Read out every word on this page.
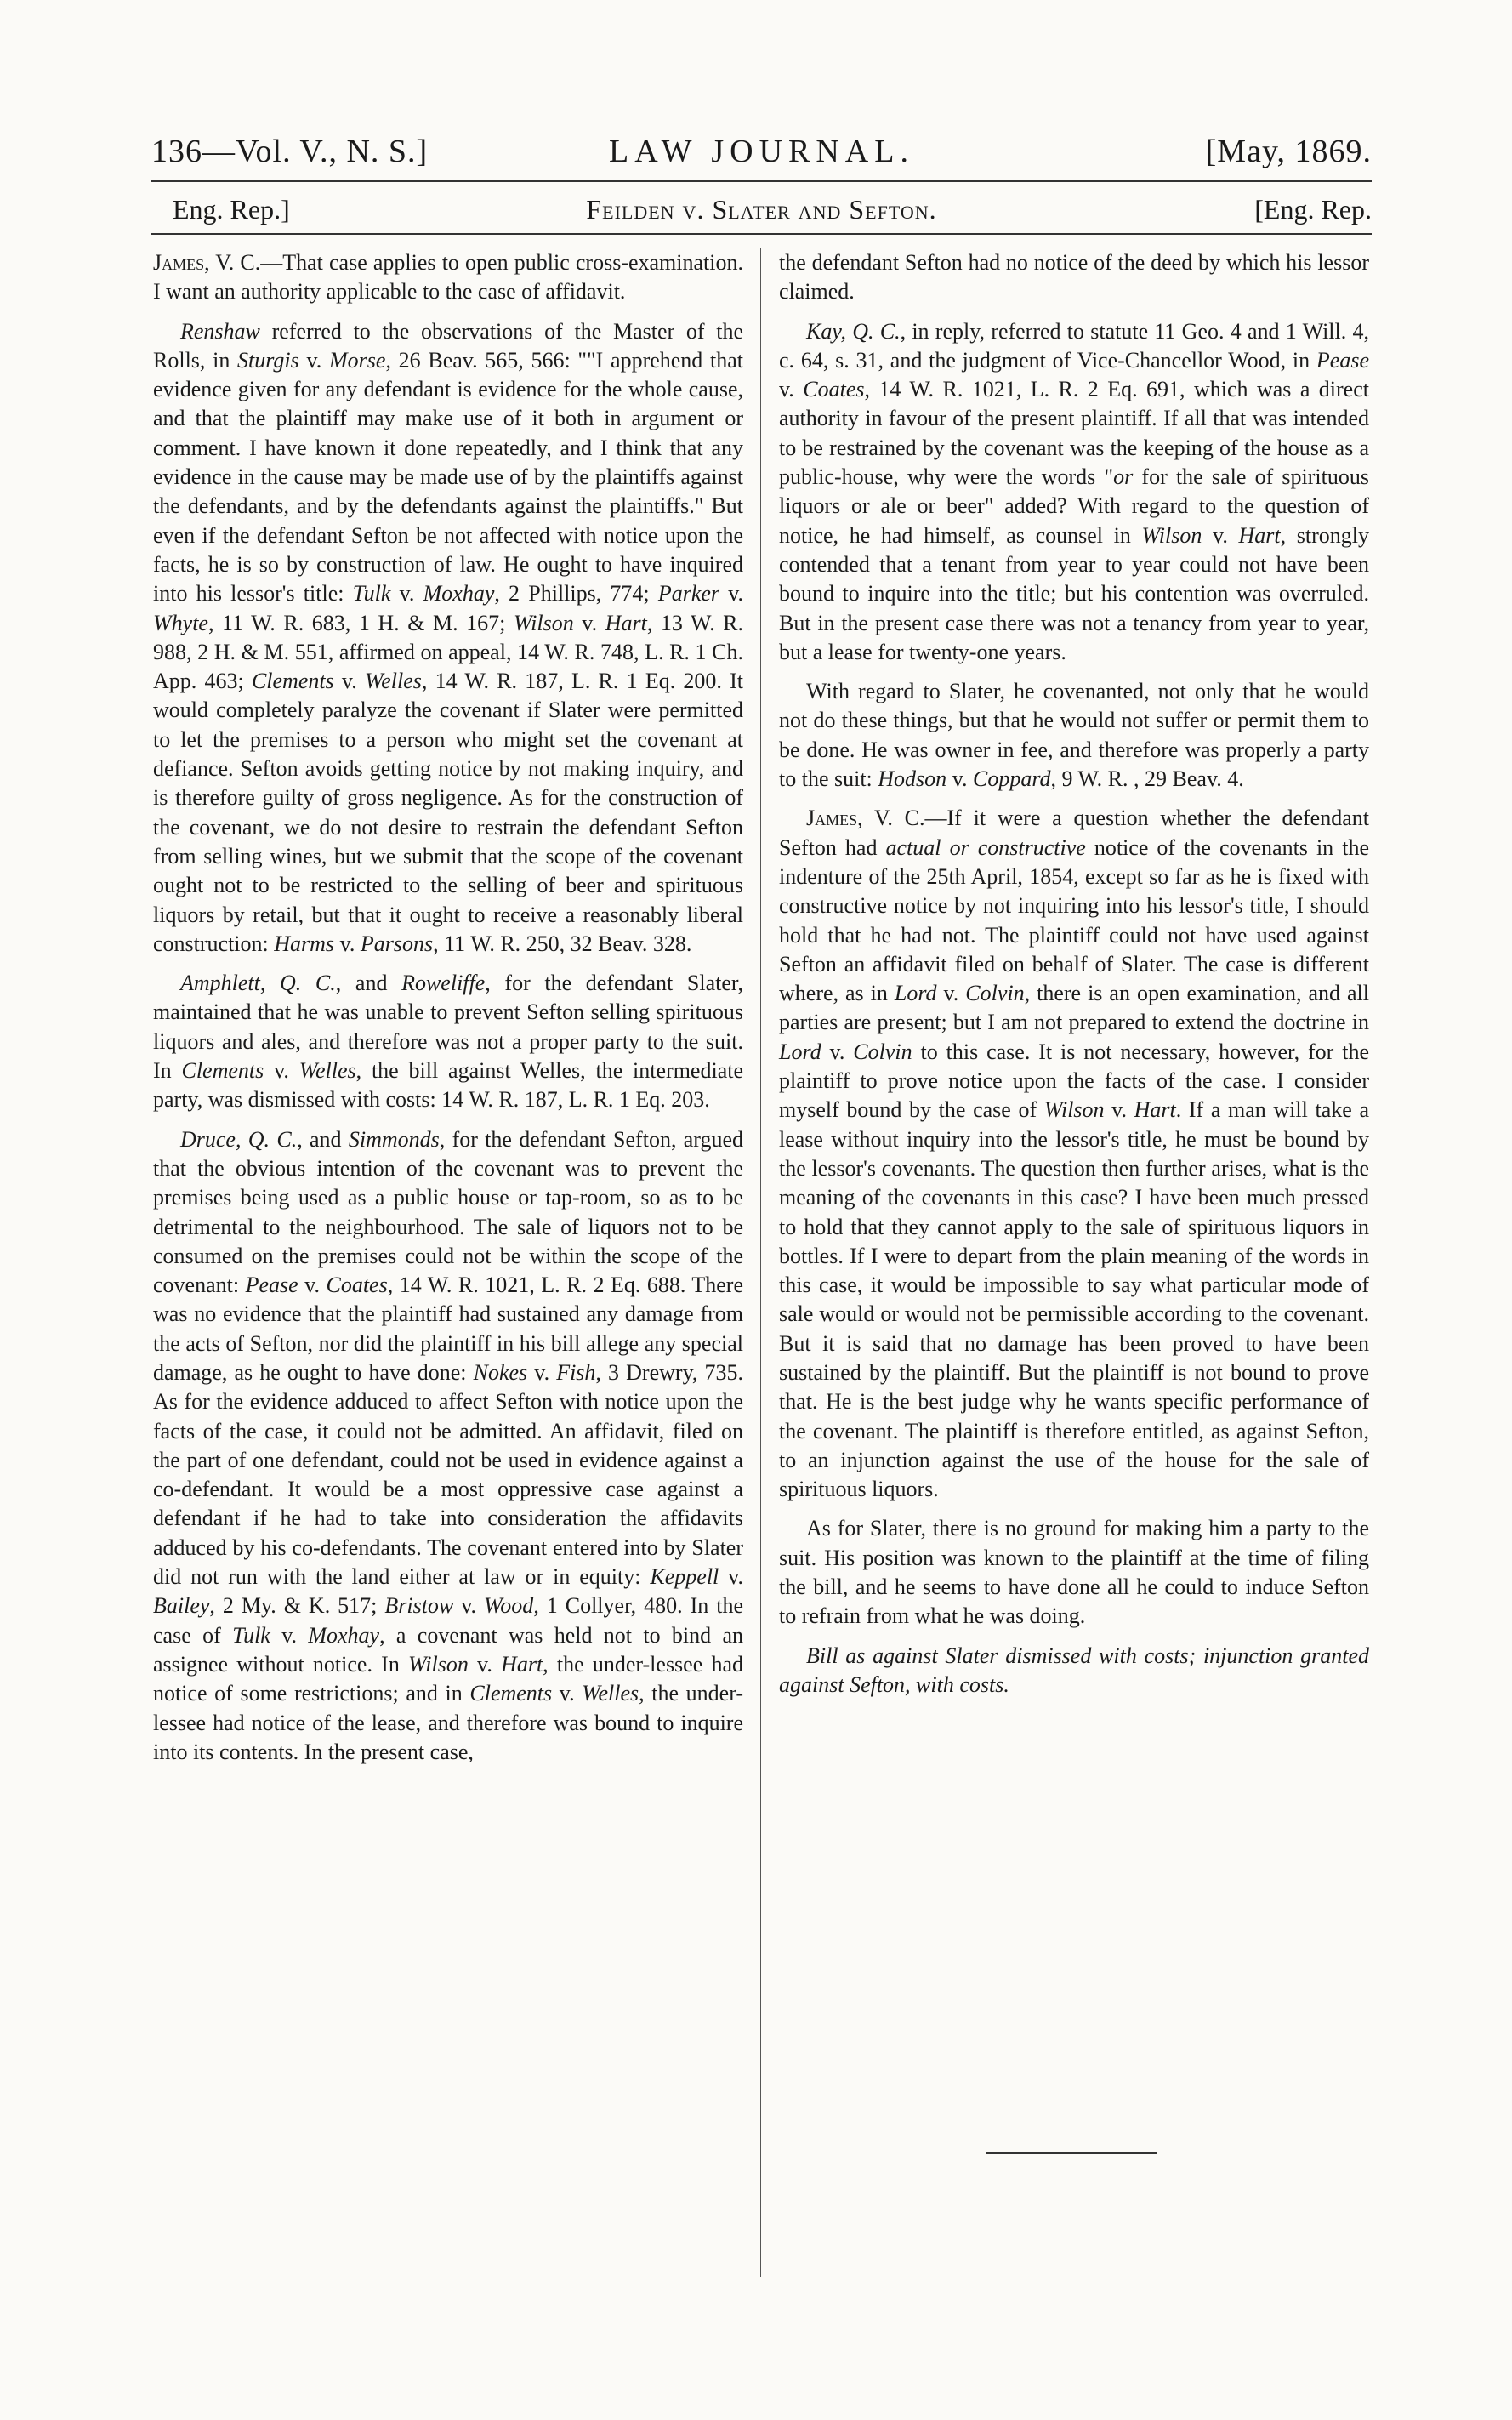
136—Vol. V., N. S.]	LAW JOURNAL.	[May, 1869.
Eng. Rep.]	Feilden v. Slater and Sefton.	[Eng. Rep.

James, V. C.—That case applies to open public cross-examination. I want an authority applicable to the case of affidavit.

Renshaw referred to the observations of the Master of the Rolls, in Sturgis v. Morse, 26 Beav. 565, 566: ""I apprehend that evidence given for any defendant is evidence for the whole cause, and that the plaintiff may make use of it both in argument or comment. I have known it done repeatedly, and I think that any evidence in the cause may be made use of by the plaintiffs against the defendants, and by the defendants against the plaintiffs." But even if the defendant Sefton be not affected with notice upon the facts, he is so by construction of law. He ought to have inquired into his lessor's title: Tulk v. Moxhay, 2 Phillips, 774; Parker v. Whyte, 11 W. R. 683, 1 H. & M. 167; Wilson v. Hart, 13 W. R. 988, 2 H. & M. 551, affirmed on appeal, 14 W. R. 748, L. R. 1 Ch. App. 463; Clements v. Welles, 14 W. R. 187, L. R. 1 Eq. 200. It would completely paralyze the covenant if Slater were permitted to let the premises to a person who might set the covenant at defiance. Sefton avoids getting notice by not making inquiry, and is therefore guilty of gross negligence. As for the construction of the covenant, we do not desire to restrain the defendant Sefton from selling wines, but we submit that the scope of the covenant ought not to be restricted to the selling of beer and spirituous liquors by retail, but that it ought to receive a reasonably liberal construction: Harms v. Parsons, 11 W. R. 250, 32 Beav. 328.

Amphlett, Q. C., and Roweliffe, for the defendant Slater, maintained that he was unable to prevent Sefton selling spirituous liquors and ales, and therefore was not a proper party to the suit. In Clements v. Welles, the bill against Welles, the intermediate party, was dismissed with costs: 14 W. R. 187, L. R. 1 Eq. 203.

Druce, Q. C., and Simmonds, for the defendant Sefton, argued that the obvious intention of the covenant was to prevent the premises being used as a public house or tap-room, so as to be detrimental to the neighbourhood. The sale of liquors not to be consumed on the premises could not be within the scope of the covenant: Pease v. Coates, 14 W. R. 1021, L. R. 2 Eq. 688. There was no evidence that the plaintiff had sustained any damage from the acts of Sefton, nor did the plaintiff in his bill allege any special damage, as he ought to have done: Nokes v. Fish, 3 Drewry, 735. As for the evidence adduced to affect Sefton with notice upon the facts of the case, it could not be admitted. An affidavit, filed on the part of one defendant, could not be used in evidence against a co-defendant. It would be a most oppressive case against a defendant if he had to take into consideration the affidavits adduced by his co-defendants. The covenant entered into by Slater did not run with the land either at law or in equity: Keppell v. Bailey, 2 My. & K. 517; Bristow v. Wood, 1 Collyer, 480. In the case of Tulk v. Moxhay, a covenant was held not to bind an assignee without notice. In Wilson v. Hart, the under-lessee had notice of some restrictions; and in Clements v. Welles, the under-lessee had notice of the lease, and therefore was bound to inquire into its contents. In the present case,

the defendant Sefton had no notice of the deed by which his lessor claimed.

Kay, Q. C., in reply, referred to statute 11 Geo. 4 and 1 Will. 4, c. 64, s. 31, and the judgment of Vice-Chancellor Wood, in Pease v. Coates, 14 W. R. 1021, L. R. 2 Eq. 691, which was a direct authority in favour of the present plaintiff. If all that was intended to be restrained by the covenant was the keeping of the house as a public-house, why were the words "or for the sale of spirituous liquors or ale or beer" added? With regard to the question of notice, he had himself, as counsel in Wilson v. Hart, strongly contended that a tenant from year to year could not have been bound to inquire into the title; but his contention was overruled. But in the present case there was not a tenancy from year to year, but a lease for twenty-one years.

With regard to Slater, he covenanted, not only that he would not do these things, but that he would not suffer or permit them to be done. He was owner in fee, and therefore was properly a party to the suit: Hodson v. Coppard, 9 W. R. , 29 Beav. 4.

James, V. C.—If it were a question whether the defendant Sefton had actual or constructive notice of the covenants in the indenture of the 25th April, 1854, except so far as he is fixed with constructive notice by not inquiring into his lessor's title, I should hold that he had not. The plaintiff could not have used against Sefton an affidavit filed on behalf of Slater. The case is different where, as in Lord v. Colvin, there is an open examination, and all parties are present; but I am not prepared to extend the doctrine in Lord v. Colvin to this case. It is not necessary, however, for the plaintiff to prove notice upon the facts of the case. I consider myself bound by the case of Wilson v. Hart. If a man will take a lease without inquiry into the lessor's title, he must be bound by the lessor's covenants. The question then further arises, what is the meaning of the covenants in this case? I have been much pressed to hold that they cannot apply to the sale of spirituous liquors in bottles. If I were to depart from the plain meaning of the words in this case, it would be impossible to say what particular mode of sale would or would not be permissible according to the covenant. But it is said that no damage has been proved to have been sustained by the plaintiff. But the plaintiff is not bound to prove that. He is the best judge why he wants specific performance of the covenant. The plaintiff is therefore entitled, as against Sefton, to an injunction against the use of the house for the sale of spirituous liquors.

As for Slater, there is no ground for making him a party to the suit. His position was known to the plaintiff at the time of filing the bill, and he seems to have done all he could to induce Sefton to refrain from what he was doing.

Bill as against Slater dismissed with costs; injunction granted against Sefton, with costs.
